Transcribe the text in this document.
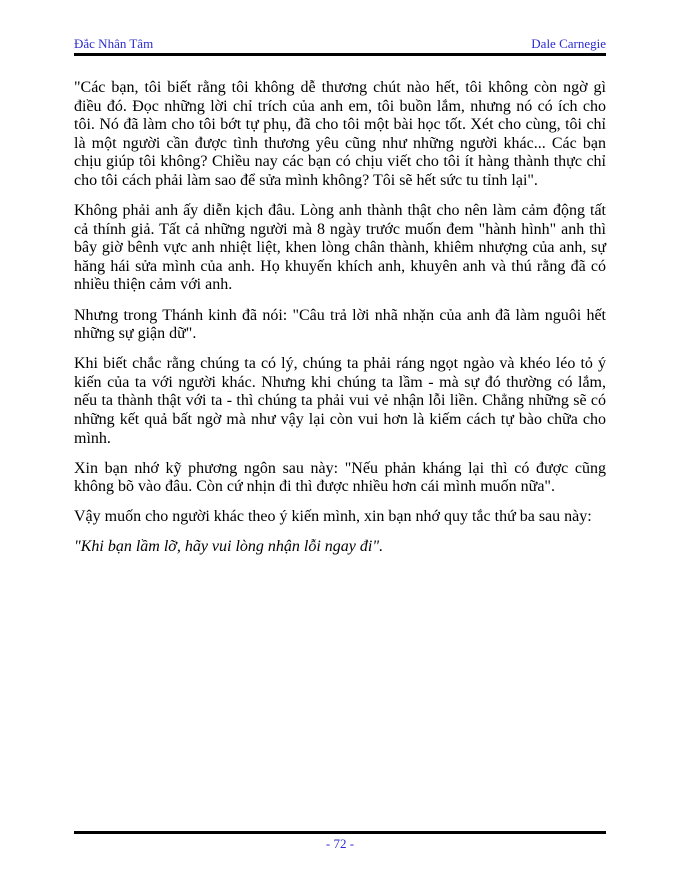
Đắc Nhân Tâm	Dale Carnegie

"Các bạn, tôi biết rằng tôi không dễ thương chút nào hết, tôi không còn ngờ gì điều đó. Đọc những lời chỉ trích của anh em, tôi buồn lắm, nhưng nó có ích cho tôi. Nó đã làm cho tôi bớt tự phụ, đã cho tôi một bài học tốt. Xét cho cùng, tôi chỉ là một người cần được tình thương yêu cũng như những người khác... Các bạn chịu giúp tôi không? Chiều nay các bạn có chịu viết cho tôi ít hàng thành thực chỉ cho tôi cách phải làm sao để sửa mình không? Tôi sẽ hết sức tu tỉnh lại".

Không phải anh ấy diễn kịch đâu. Lòng anh thành thật cho nên làm cảm động tất cả thính giả. Tất cả những người mà 8 ngày trước muốn đem "hành hình" anh thì bây giờ bênh vực anh nhiệt liệt, khen lòng chân thành, khiêm nhượng của anh, sự hăng hái sửa mình của anh. Họ khuyến khích anh, khuyên anh và thú rằng đã có nhiều thiện cảm với anh.

Nhưng trong Thánh kinh đã nói: "Câu trả lời nhã nhặn của anh đã làm nguôi hết những sự giận dữ".

Khi biết chắc rằng chúng ta có lý, chúng ta phải ráng ngọt ngào và khéo léo tỏ ý kiến của ta với người khác. Nhưng khi chúng ta lầm - mà sự đó thường có lắm, nếu ta thành thật với ta - thì chúng ta phải vui vẻ nhận lỗi liền. Chẳng những sẽ có những kết quả bất ngờ mà như vậy lại còn vui hơn là kiếm cách tự bào chữa cho mình.

Xin bạn nhớ kỹ phương ngôn sau này: "Nếu phản kháng lại thì có được cũng không bõ vào đâu. Còn cứ nhịn đi thì được nhiều hơn cái mình muốn nữa".

Vậy muốn cho người khác theo ý kiến mình, xin bạn nhớ quy tắc thứ ba sau này:

"Khi bạn lầm lỡ, hãy vui lòng nhận lỗi ngay đi".

- 72 -
